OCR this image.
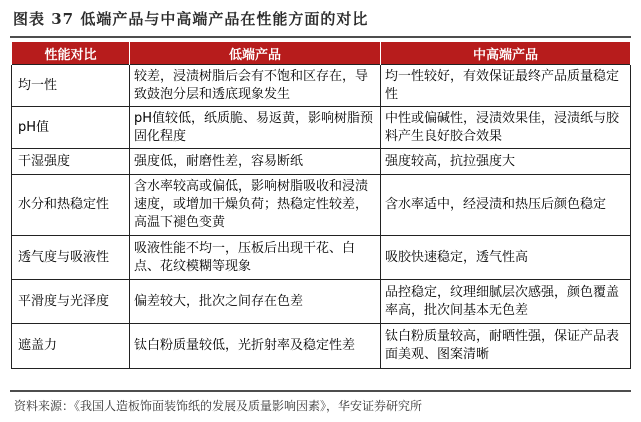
图表 37 低端产品与中高端产品在性能方面的对比
性能对比	低端产品	中高端产品
均一性	较差，浸渍树脂后会有不饱和区存在，导致鼓泡分层和透底现象发生	均一性较好，有效保证最终产品质量稳定性
pH值	pH值较低，纸质脆、易返黄，影响树脂预固化程度	中性或偏碱性，浸渍效果佳，浸渍纸与胶料产生良好胶合效果
干湿强度	强度低，耐磨性差，容易断纸	强度较高，抗拉强度大
水分和热稳定性	含水率较高或偏低，影响树脂吸收和浸渍速度，或增加干燥负荷；热稳定性较差，高温下褪色变黄	含水率适中，经浸渍和热压后颜色稳定
透气度与吸液性	吸液性能不均一，压板后出现干花、白点、花纹模糊等现象	吸胶快速稳定，透气性高
平滑度与光泽度	偏差较大，批次之间存在色差	品控稳定，纹理细腻层次感强，颜色覆盖率高，批次间基本无色差
遮盖力	钛白粉质量较低，光折射率及稳定性差	钛白粉质量较高，耐晒性强，保证产品表面美观、图案清晰
资料来源：《我国人造板饰面装饰纸的发展及质量影响因素》，华安证券研究所
